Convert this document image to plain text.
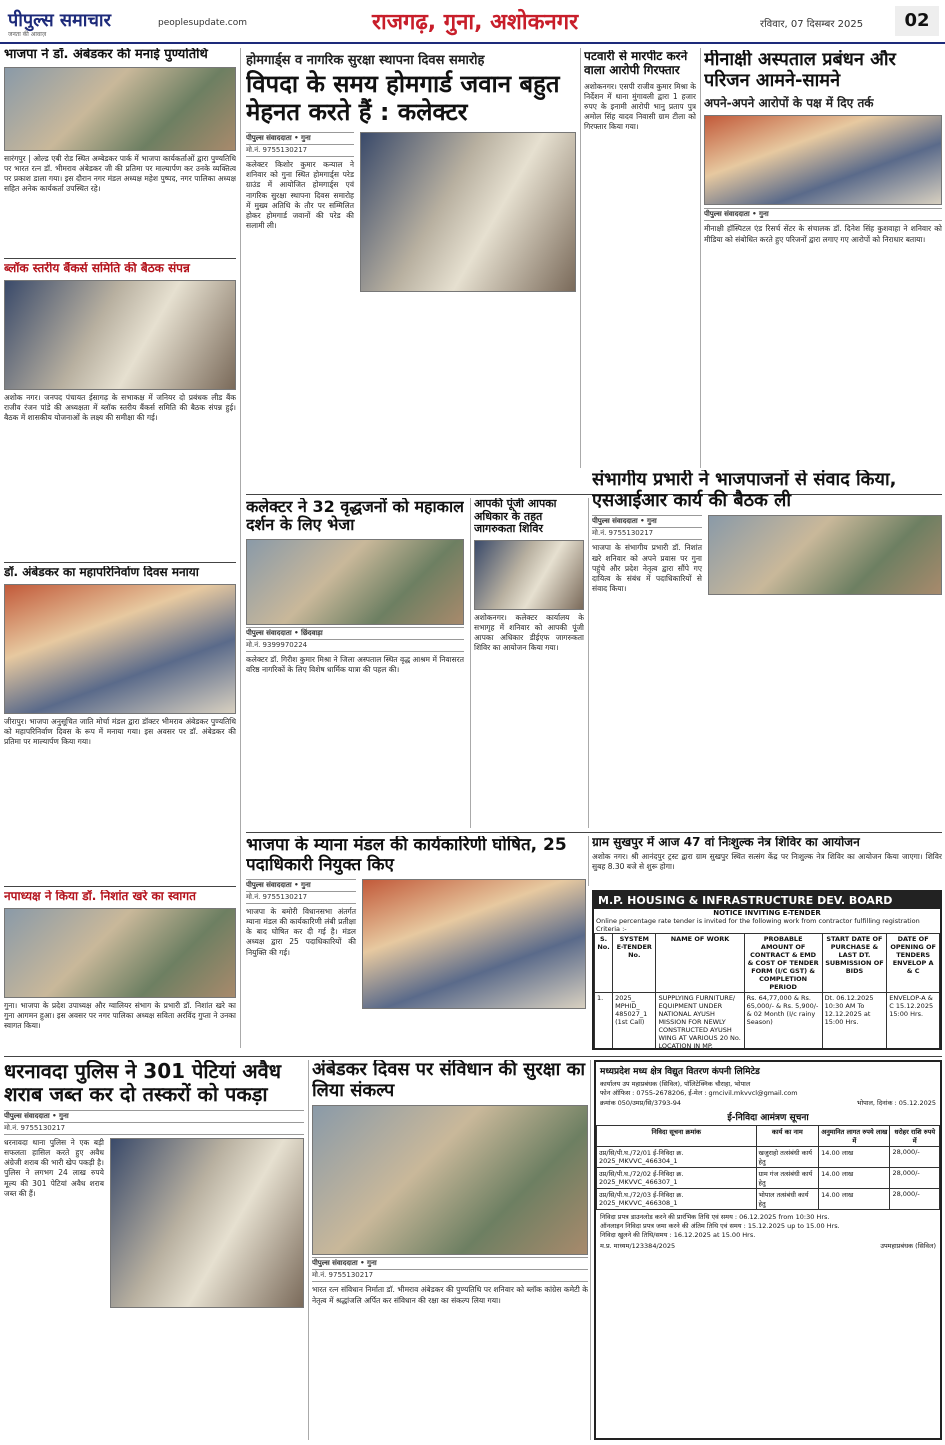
पीपुल्स समाचार
जनता की आवाज़
peoplesupdate.com	राजगढ़, गुना, अशोकनगर	रविवार, 07 दिसम्बर 2025	02
भाजपा ने डॉ. अंबेडकर की मनाई पुण्यतिथि
सारंगपुर | ओल्ड एबी रोड स्थित अम्बेडकर पार्क में भाजपा कार्यकर्ताओं द्वारा पुण्यतिथि पर भारत रत्न डॉ. भीमराव अंबेडकर जी की प्रतिमा पर माल्यार्पण कर उनके व्यक्तित्व पर प्रकाश डाला गया। इस दौरान नगर मंडल अध्यक्ष महेश पुष्पद, नगर पालिका अध्यक्ष सहित अनेक कार्यकर्ता उपस्थित रहे।
ब्लॉक स्तरीय बैंकर्स समिति की बैठक संपन्न
अशोक नगर। जनपद पंचायत ईसागढ़ के सभाकक्ष में जनियर दो प्रबंधक लीड बैंक राजीव रंजन पांडे की अध्यक्षता में ब्लॉक स्तरीय बैंकर्स समिति की बैठक संपन्न हुई। बैठक में शासकीय योजनाओं के लक्ष्य की समीक्षा की गई।
डॉ. अंबेडकर का महापरिनिर्वाण दिवस मनाया
जीरापुर। भाजपा अनुसूचित जाति मोर्चा मंडल द्वारा डॉक्टर भीमराव अंबेडकर पुण्यतिथि को महापरिनिर्वाण दिवस के रूप में मनाया गया। इस अवसर पर डॉ. अंबेडकर की प्रतिमा पर माल्यार्पण किया गया।
नपाध्यक्ष ने किया डॉ. निशांत खरे का स्वागत
गुना। भाजपा के प्रदेश उपाध्यक्ष और ग्वालियर संभाग के प्रभारी डॉ. निशांत खरे का गुना आगमन हुआ। इस अवसर पर नगर पालिका अध्यक्ष सविता अरविंद गुप्ता ने उनका स्वागत किया।
होमगार्ड्स व नागरिक सुरक्षा स्थापना दिवस समारोह
विपदा के समय होमगार्ड जवान बहुत मेहनत करते हैं : कलेक्टर
पीपुल्स संवाददाता • गुना
मो.नं. 9755130217
कलेक्टर किशोर कुमार कन्याल ने शनिवार को गुना स्थित होमगार्ड्स परेड ग्राउंड में आयोजित होमगार्ड्स एवं नागरिक सुरक्षा स्थापना दिवस समारोह में मुख्य अतिथि के तौर पर सम्मिलित होकर होमगार्ड जवानों की परेड की सलामी ली।
पटवारी से मारपीट करने वाला आरोपी गिरफ्तार
अशोकनगर। एसपी राजीव कुमार मिश्रा के निर्देशन में थाना मुंगावली द्वारा 1 हजार रुपए के इनामी आरोपी भानु प्रताप पुत्र अमोल सिंह यादव निवासी ग्राम टीला को गिरफ्तार किया गया।
मीनाक्षी अस्पताल प्रबंधन और परिजन आमने-सामने
अपने-अपने आरोपों के पक्ष में दिए तर्क
पीपुल्स संवाददाता • गुना
मीनाक्षी हॉस्पिटल एंड रिसर्च सेंटर के संचालक डॉ. दिनेश सिंह कुशवाहा ने शनिवार को मीडिया को संबोधित करते हुए परिजनों द्वारा लगाए गए आरोपों को निराधार बताया।
कलेक्टर ने 32 वृद्धजनों को महाकाल दर्शन के लिए भेजा
पीपुल्स संवाददाता • छिंदवाड़ा
मो.नं. 9399970224
कलेक्टर डॉ. गिरीश कुमार मिश्रा ने जिला अस्पताल स्थित वृद्ध आश्रम में निवासरत वरिष्ठ नागरिकों के लिए विशेष धार्मिक यात्रा की पहल की।
आपकी पूंजी आपका अधिकार के तहत जागरुकता शिविर
अशोकनगर। कलेक्टर कार्यालय के सभागृह में शनिवार को आपकी पूंजी आपका अधिकार डीईएफ जागरुकता शिविर का आयोजन किया गया।
संभागीय प्रभारी ने भाजपाजनों से संवाद किया, एसआईआर कार्य की बैठक ली
पीपुल्स संवाददाता • गुना
मो.नं. 9755130217
भाजपा के संभागीय प्रभारी डॉ. निशांत खरे शनिवार को अपने प्रवास पर गुना पहुंचे और प्रदेश नेतृत्व द्वारा सौंपे गए दायित्व के संबंध में पदाधिकारियों से संवाद किया।
भाजपा के म्याना मंडल की कार्यकारिणी घोषित, 25 पदाधिकारी नियुक्त किए
पीपुल्स संवाददाता • गुना
मो.नं. 9755130217
भाजपा के बमोरी विधानसभा अंतर्गत म्याना मंडल की कार्यकारिणी लंबी प्रतीक्षा के बाद घोषित कर दी गई है। मंडल अध्यक्ष द्वारा 25 पदाधिकारियों की नियुक्ति की गई।
ग्राम सुखपुर में आज 47 वां निःशुल्क नेत्र शिविर का आयोजन
अशोक नगर। श्री आनंदपुर ट्रस्ट द्वारा ग्राम सुखपुर स्थित सत्संग केंद्र पर निःशुल्क नेत्र शिविर का आयोजन किया जाएगा। शिविर सुबह 8.30 बजे से शुरू होगा।
M.P. HOUSING & INFRASTRUCTURE DEV. BOARD
NOTICE INVITING E-TENDER
Online percentage rate tender is invited for the following work from contractor fulfilling registration Criteria :-
S. No.	SYSTEM E-TENDER No.	NAME OF WORK	PROBABLE AMOUNT OF CONTRACT & EMD & COST OF TENDER FORM (I/C GST) & COMPLETION PERIOD	START DATE OF PURCHASE & LAST DT. SUBMISSION OF BIDS	DATE OF OPENING OF TENDERS ENVELOP A & C
1.	2025_ MPHID_ 485027_1 (1st Call)	SUPPLYING FURNITURE/ EQUIPMENT UNDER NATIONAL AYUSH MISSION FOR NEWLY CONSTRUCTED AYUSH WING AT VARIOUS 20 No. LOCATION IN MP.	Rs. 64,77,000 & Rs. 65,000/- & Rs. 5,900/- & 02 Month (I/c rainy Season)	Dt. 06.12.2025 10:30 AM To 12.12.2025 at 15:00 Hrs.	ENVELOP-A & C 15.12.2025 15:00 Hrs.
धरनावदा पुलिस ने 301 पेटियां अवैध शराब जब्त कर दो तस्करों को पकड़ा
पीपुल्स संवाददाता • गुना
मो.नं. 9755130217
धरनावदा थाना पुलिस ने एक बड़ी सफलता हासिल करते हुए अवैध अंग्रेजी शराब की भारी खेप पकड़ी है। पुलिस ने लगभग 24 लाख रुपये मूल्य की 301 पेटियां अवैध शराब जब्त की हैं।
अंबेडकर दिवस पर संविधान की सुरक्षा का लिया संकल्प
पीपुल्स संवाददाता • गुना
मो.नं. 9755130217
भारत रत्न संविधान निर्माता डॉ. भीमराव अंबेडकर की पुण्यतिथि पर शनिवार को ब्लॉक कांग्रेस कमेटी के नेतृत्व में श्रद्धांजलि अर्पित कर संविधान की रक्षा का संकल्प लिया गया।
मध्यप्रदेश मध्य क्षेत्र विद्युत वितरण कंपनी लिमिटेड
कार्यालय उप महाप्रबंधक (सिविल), पॉलिटेक्निक चौराहा, भोपाल
फोन ऑफिस : 0755-2678206, ई-मेल : gmcivil.mkvvcl@gmail.com
क्रमांक 050/उमप्र/सि/3793-94	भोपाल, दिनांक : 05.12.2025
ई-निविदा आमंत्रण सूचना
निविदा सूचना क्रमांक	कार्य का नाम	अनुमानित लागत रुपये लाख में	धरोहर राशि रुपये में
उप्र/सि/पी.घ./72/01 ई-निविदा क्र. 2025_MKVVC_466304_1	खजुराहो तत्संबंधी कार्य हेतु	14.00 लाख	28,000/-
उप्र/सि/पी.घ./72/02 ई-निविदा क्र. 2025_MKVVC_466307_1	ग्राम गंज तत्संबंधी कार्य हेतु	14.00 लाख	28,000/-
उप्र/सि/पी.घ./72/03 ई-निविदा क्र. 2025_MKVVC_466308_1	भोपाल तत्संबंधी कार्य हेतु	14.00 लाख	28,000/-
निविदा प्रपत्र डाउनलोड करने की प्रारंभिक तिथि एवं समय : 06.12.2025 from 10:30 Hrs.
ऑनलाइन निविदा प्रपत्र जमा करने की अंतिम तिथि एवं समय : 15.12.2025 up to 15.00 Hrs.
निविदा खुलने की तिथि/समय : 16.12.2025 at 15.00 Hrs.
म.प्र. माध्यम/123384/2025	उपमहाप्रबंधक (सिविल)
